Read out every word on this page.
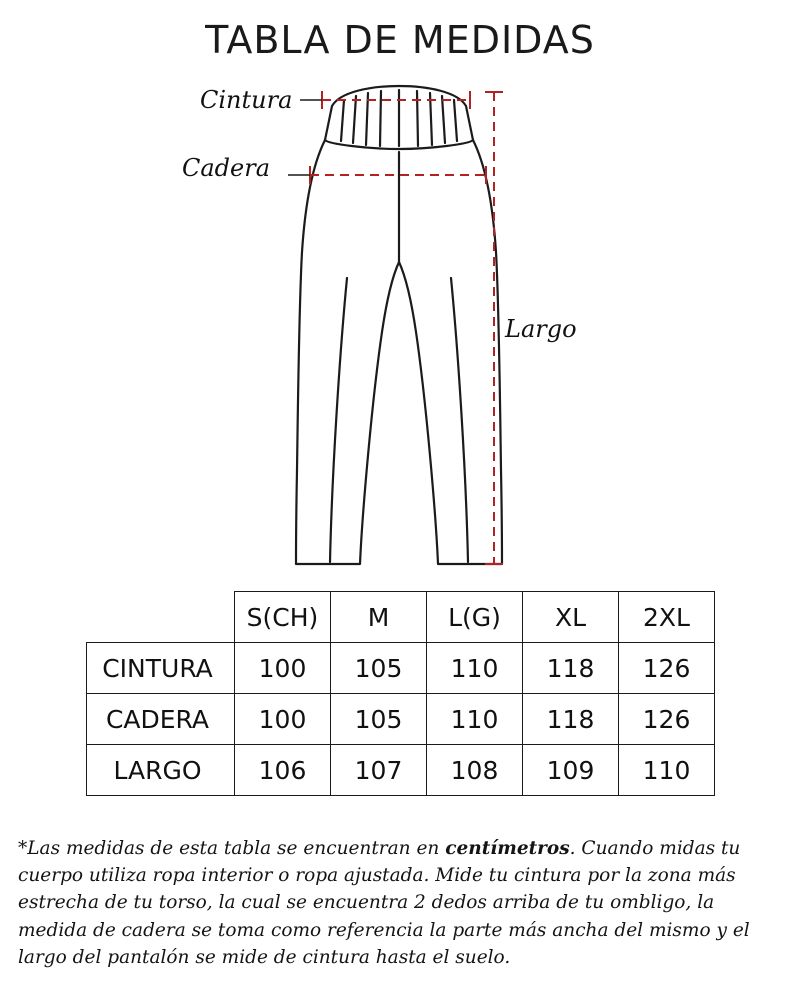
TABLA DE MEDIDAS
Cintura
Cadera
Largo
	S(CH)	M	L(G)	XL	2XL
CINTURA	100	105	110	118	126
CADERA	100	105	110	118	126
LARGO	106	107	108	109	110

*Las medidas de esta tabla se encuentran en centímetros. Cuando midas tu cuerpo utiliza ropa interior o ropa ajustada. Mide tu cintura por la zona más estrecha de tu torso, la cual se encuentra 2 dedos arriba de tu ombligo, la medida de cadera se toma como referencia la parte más ancha del mismo y el largo del pantalón se mide de cintura hasta el suelo.
